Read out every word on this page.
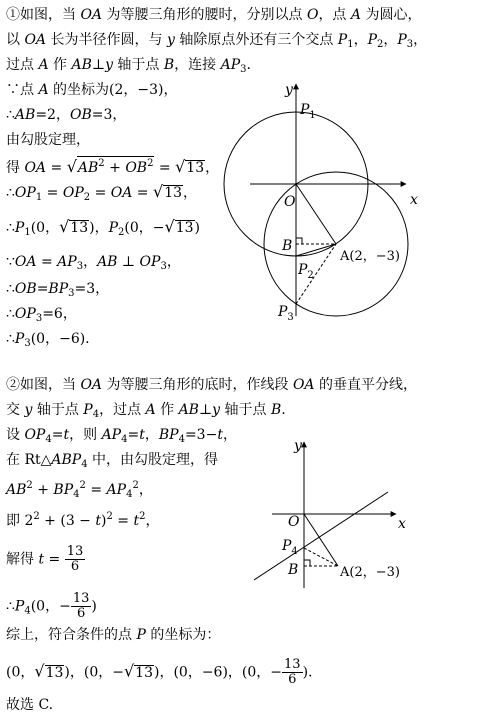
①如图，当 OA 为等腰三角形的腰时，分别以点 O，点 A 为圆心，
以 OA 长为半径作圆，与 y 轴除原点外还有三个交点 $P_1$，$P_2$，$P_3$，
过点 A 作 AB⊥y 轴于点 B，连接 $AP_3$.
∵点 A 的坐标为(2，−3)，
∴AB=2，OB=3，
由勾股定理，
得 OA = $√AB^2 + OB^2 = √13$，
$\therefore OP_1 = OP_2$ = OA = √13，
$\therefore P_1(0$，√13)，$P_2(0$，−√13)
∵OA = $AP_3$，AB ⊥ $OP_3$，
$\therefore OB=BP_3=3$，
$\therefore OP_3=6$，
$\therefore P_3(0$，−6).
y
x
O
$P_1$
B
$P_2$
A(2，−3)
$P_3$
②如图，当 OA 为等腰三角形的底时，作线段 OA 的垂直平分线，
交 y 轴于点 $P_4$，过点 A 作 AB⊥y 轴于点 B.
设 $OP_4=t$，则 $AP_4=t$，$BP_4=3-t$，
在 $Rt\triangle ABP_4$ 中，由勾股定理，得
$AB^2 + BP_4^2 = AP_4^2$，
即 $2^2 + (3 - t)^2 = t^2$，
解得 $t = \frac{13}{6}$
$\therefore P_4(0$，− $\frac{13}{6}$ )
y
x
O
$P_4$
B	A(2，−3)
综上，符合条件的点 P 的坐标为：
(0，√13)，(0，−√13)，(0，−6)，(0，− $\frac{13}{6}$ ).
故选 C.
